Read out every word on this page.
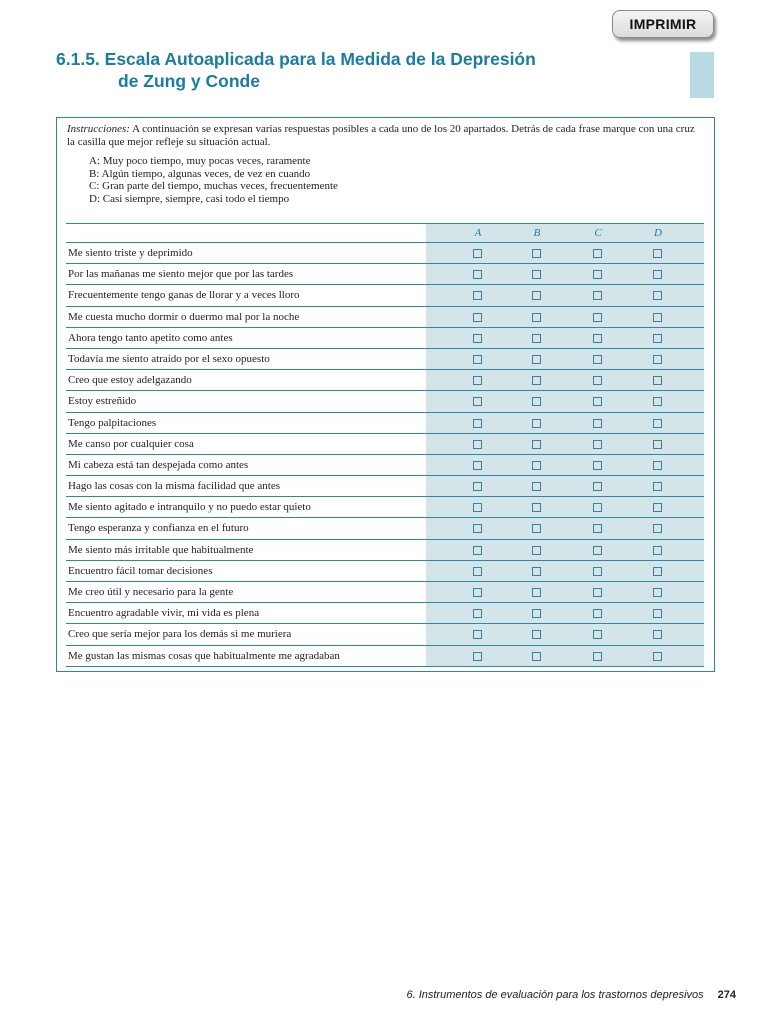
IMPRIMIR
6.1.5. Escala Autoaplicada para la Medida de la Depresión
de Zung y Conde

Instrucciones: A continuación se expresan varias respuestas posibles a cada uno de los 20 apartados. Detrás de cada frase marque con una cruz la casilla que mejor refleje su situación actual.

A: Muy poco tiempo, muy pocas veces, raramente
B: Algún tiempo, algunas veces, de vez en cuando
C: Gran parte del tiempo, muchas veces, frecuentemente
D: Casi siempre, siempre, casi todo el tiempo
A	B	C	D
Me siento triste y deprimido
Por las mañanas me siento mejor que por las tardes
Frecuentemente tengo ganas de llorar y a veces lloro
Me cuesta mucho dormir o duermo mal por la noche
Ahora tengo tanto apetito como antes
Todavía me siento atraído por el sexo opuesto
Creo que estoy adelgazando
Estoy estreñido
Tengo palpitaciones
Me canso por cualquier cosa
Mi cabeza está tan despejada como antes
Hago las cosas con la misma facilidad que antes
Me siento agitado e intranquilo y no puedo estar quieto
Tengo esperanza y confianza en el futuro
Me siento más irritable que habitualmente
Encuentro fácil tomar decisiones
Me creo útil y necesario para la gente
Encuentro agradable vivir, mi vida es plena
Creo que sería mejor para los demás si me muriera
Me gustan las mismas cosas que habitualmente me agradaban
6. Instrumentos de evaluación para los trastornos depresivos 274
